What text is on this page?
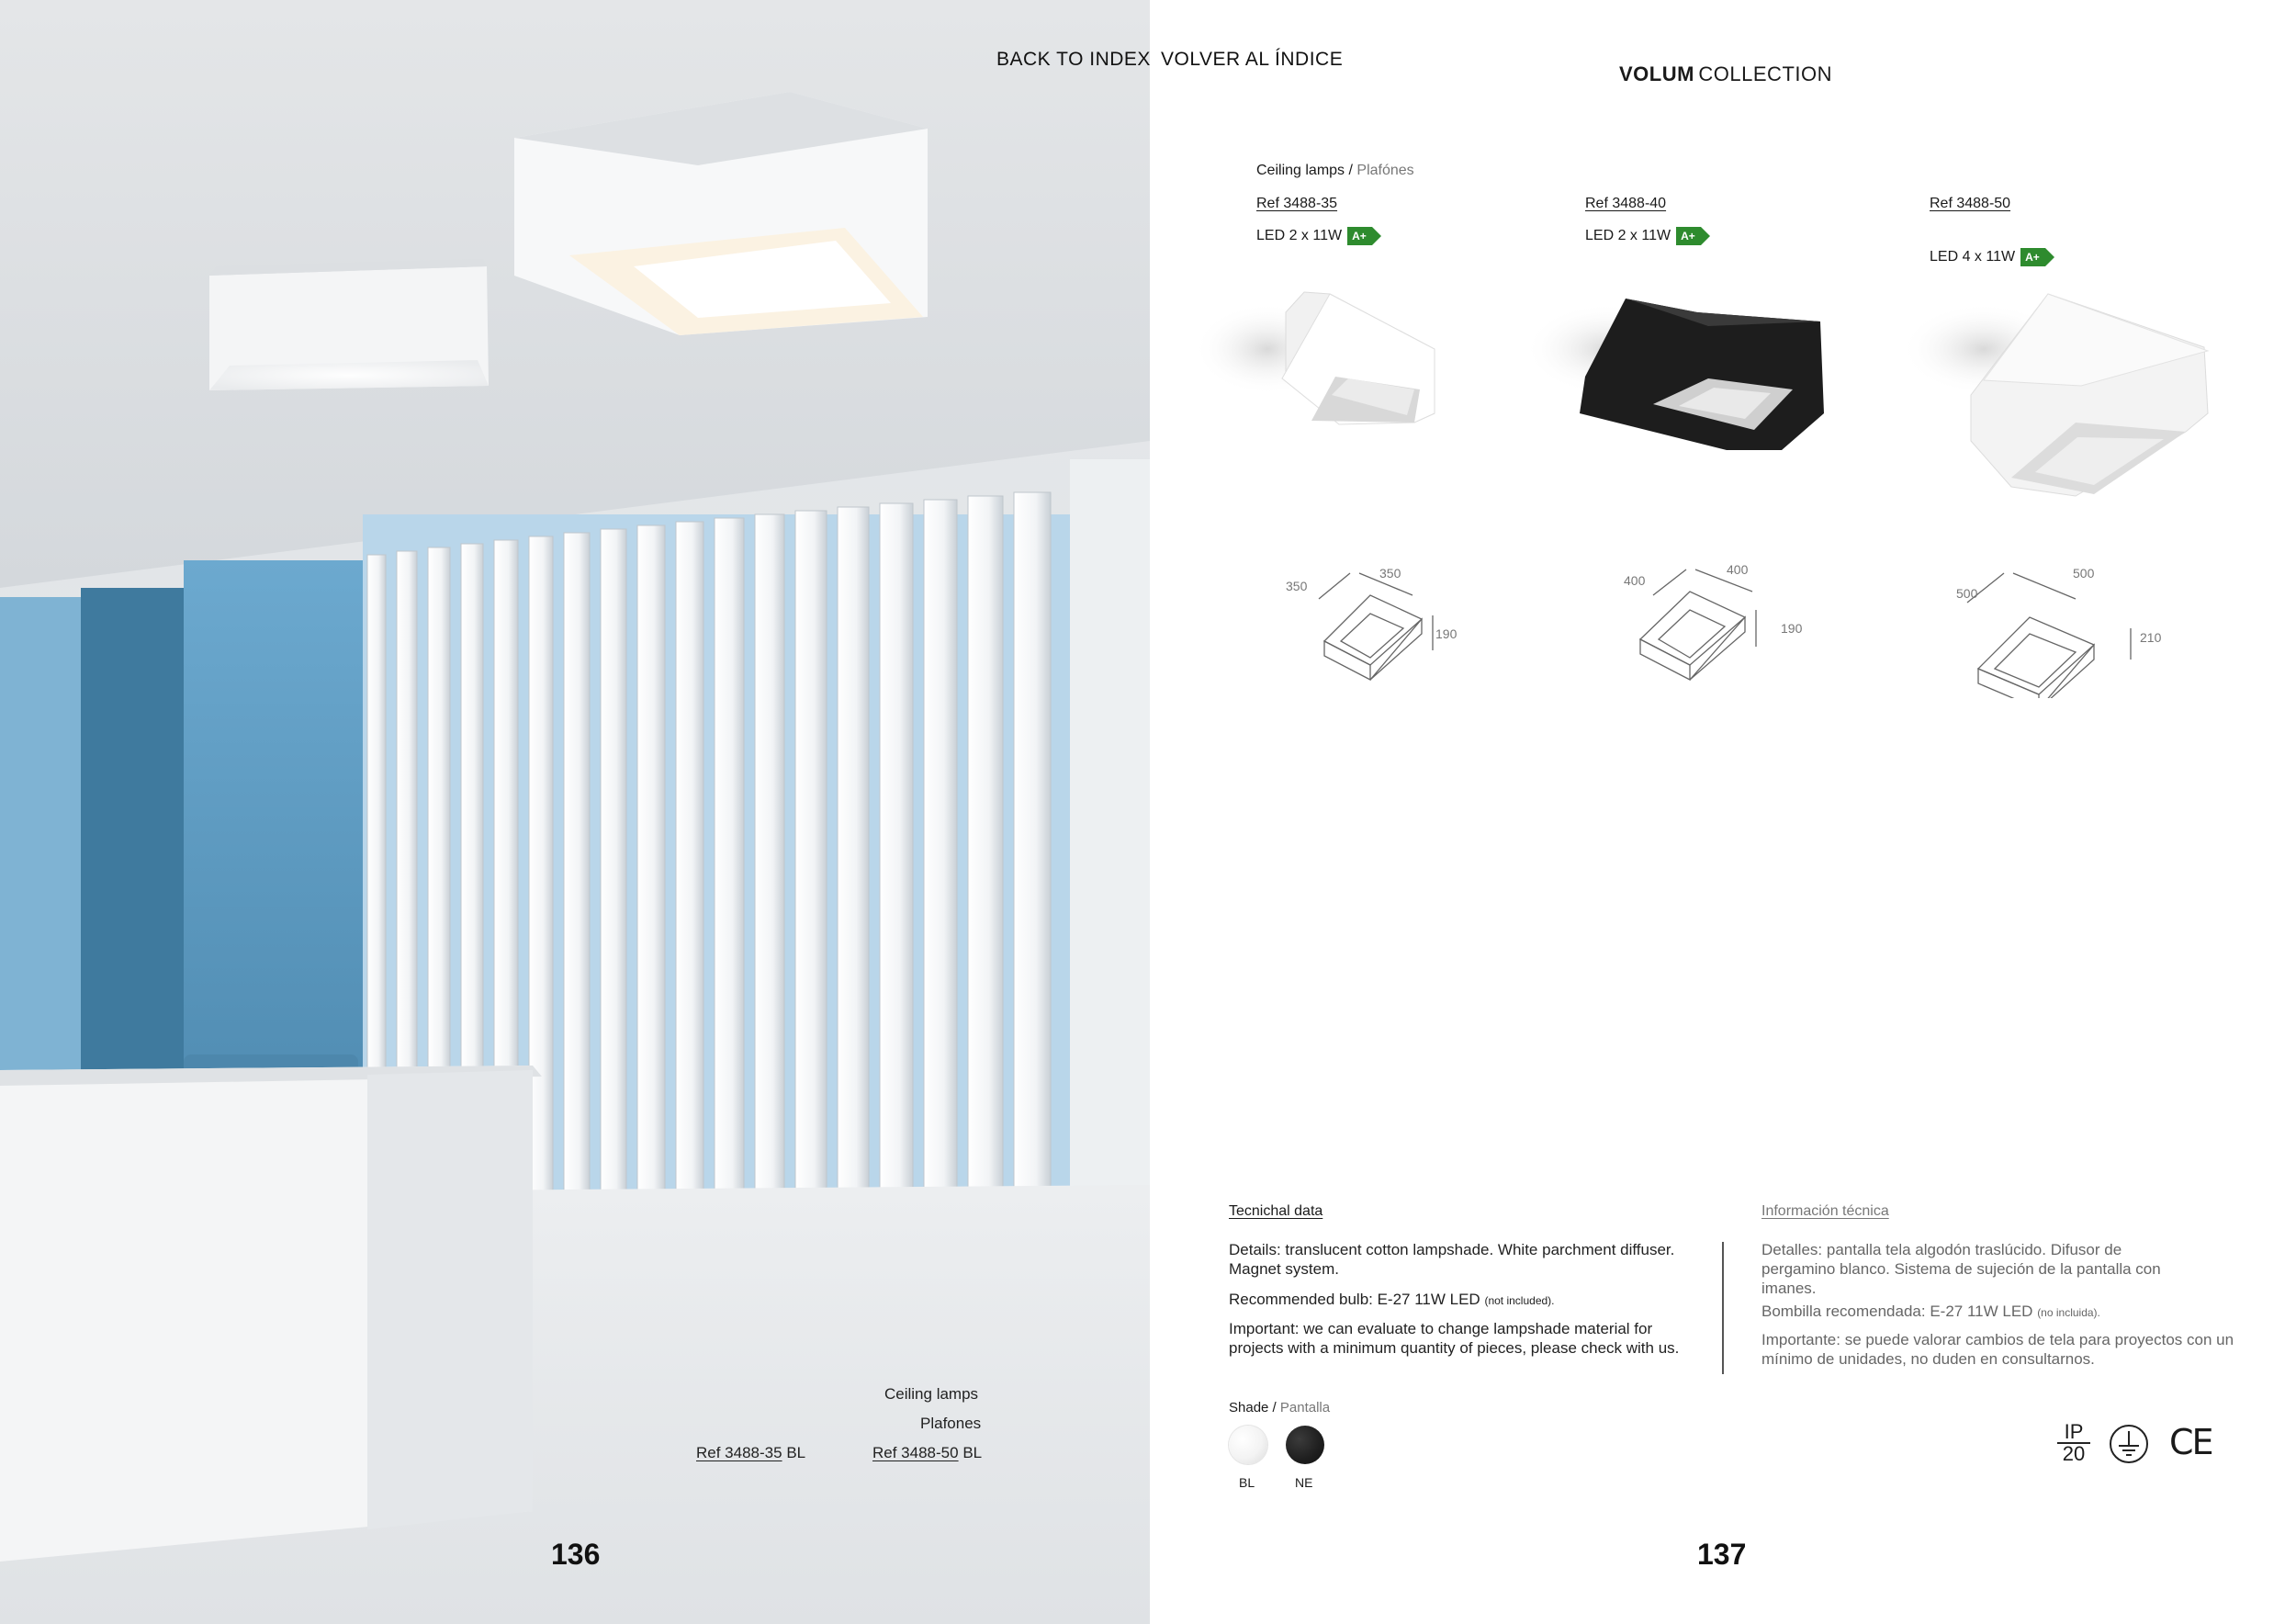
BACK TO INDEX VOLVER AL ÍNDICE
Ceiling lamps
Plafones
Ref 3488-35 BL	Ref 3488-50 BL
136
VOLUM COLLECTION
Ceiling lamps / Plafónes
Ref 3488-35
LED 2 x 11W A+
Ref 3488-40
LED 2 x 11W A+
Ref 3488-50
LED 4 x 11W A+
350
350
190
400
400
190
500
500
210
Tecnichal data
Details: translucent cotton lampshade. White parchment diffuser. Magnet system.
Recommended bulb: E-27 11W LED (not included).
Important: we can evaluate to change lampshade material for projects with a minimum quantity of pieces, please check with us.
Información técnica
Detalles: pantalla tela algodón traslúcido. Difusor de pergamino blanco. Sistema de sujeción de la pantalla con imanes.
Bombilla recomendada: E-27 11W LED (no incluida).
Importante: se puede valorar cambios de tela para proyectos con un mínimo de unidades, no duden en consultarnos.
Shade / Pantalla
BL	NE
IP
20 CE
137
